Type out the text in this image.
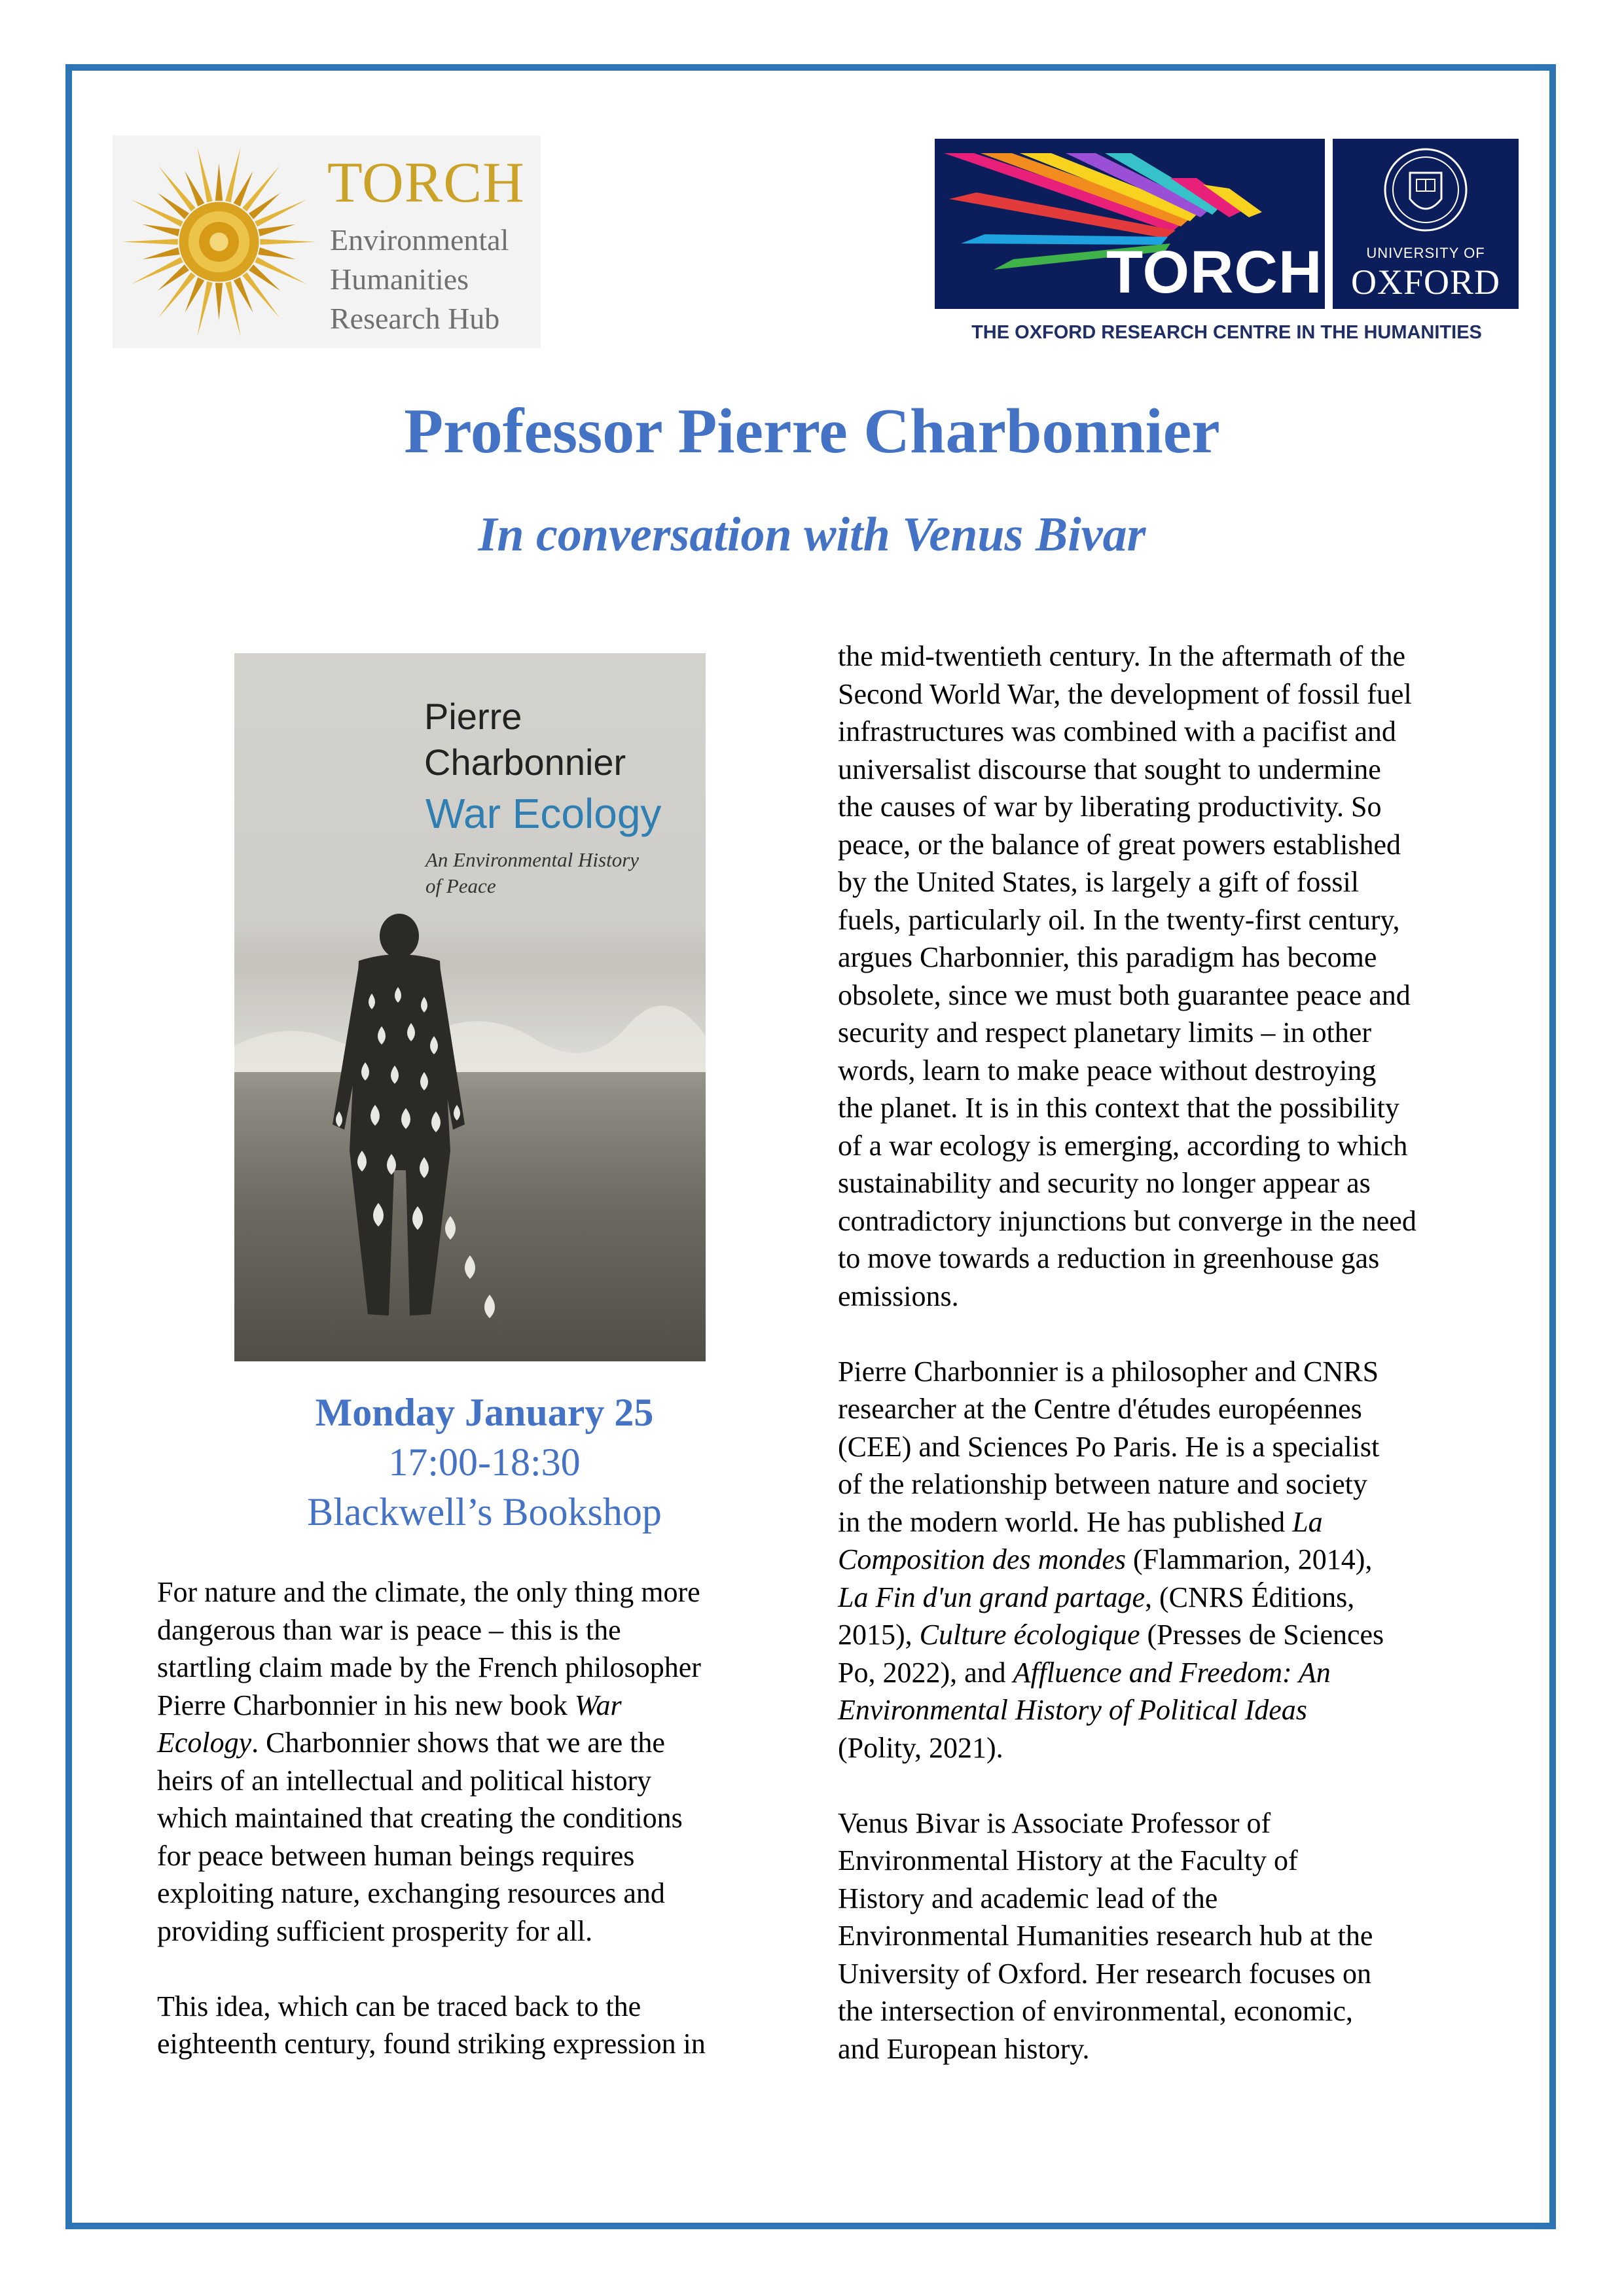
TORCH
Environmental
Humanities
Research Hub
TORCH	UNIVERSITY OF
OXFORD
THE OXFORD RESEARCH CENTRE IN THE HUMANITIES
Professor Pierre Charbonnier
In conversation with Venus Bivar
Pierre
Charbonnier
War Ecology
An Environmental History
of Peace
Monday January 25
17:00-18:30
Blackwell’s Bookshop
For nature and the climate, the only thing more
dangerous than war is peace – this is the
startling claim made by the French philosopher
Pierre Charbonnier in his new book War
Ecology. Charbonnier shows that we are the
heirs of an intellectual and political history
which maintained that creating the conditions
for peace between human beings requires
exploiting nature, exchanging resources and
providing sufficient prosperity for all.
This idea, which can be traced back to the
eighteenth century, found striking expression in
the mid-twentieth century. In the aftermath of the
Second World War, the development of fossil fuel
infrastructures was combined with a pacifist and
universalist discourse that sought to undermine
the causes of war by liberating productivity. So
peace, or the balance of great powers established
by the United States, is largely a gift of fossil
fuels, particularly oil. In the twenty-first century,
argues Charbonnier, this paradigm has become
obsolete, since we must both guarantee peace and
security and respect planetary limits – in other
words, learn to make peace without destroying
the planet. It is in this context that the possibility
of a war ecology is emerging, according to which
sustainability and security no longer appear as
contradictory injunctions but converge in the need
to move towards a reduction in greenhouse gas
emissions.
Pierre Charbonnier is a philosopher and CNRS
researcher at the Centre d'études européennes
(CEE) and Sciences Po Paris. He is a specialist
of the relationship between nature and society
in the modern world. He has published La
Composition des mondes (Flammarion, 2014),
La Fin d'un grand partage, (CNRS Éditions,
2015), Culture écologique (Presses de Sciences
Po, 2022), and Affluence and Freedom: An
Environmental History of Political Ideas
(Polity, 2021).
Venus Bivar is Associate Professor of
Environmental History at the Faculty of
History and academic lead of the
Environmental Humanities research hub at the
University of Oxford. Her research focuses on
the intersection of environmental, economic,
and European history.
